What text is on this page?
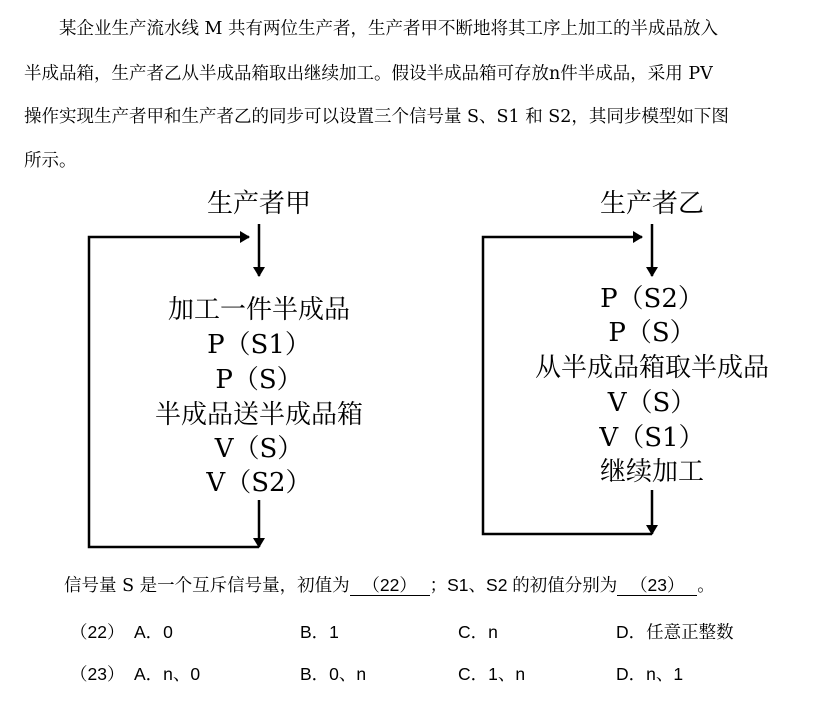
　　某企业生产流水线 M 共有两位生产者，生产者甲不断地将其工序上加工的半成品放入
半成品箱，生产者乙从半成品箱取出继续加工。假设半成品箱可存放n件半成品，采用 PV
操作实现生产者甲和生产者乙的同步可以设置三个信号量 S、S1 和 S2，其同步模型如下图
所示。
生产者甲
加工一件半成品
P（S1）
P（S）
半成品送半成品箱
V（S）
V（S2）
生产者乙
P（S2）
P（S）
从半成品箱取半成品
V（S）
V（S1）
继续加工
信号量 S 是一个互斥信号量，初值为 （22） ；S1、S2 的初值分别为 （23） 。
（22） A．0	B．1	C．n	D．任意正整数
（23） A．n、0	B．0、n	C．1、n	D．n、1
